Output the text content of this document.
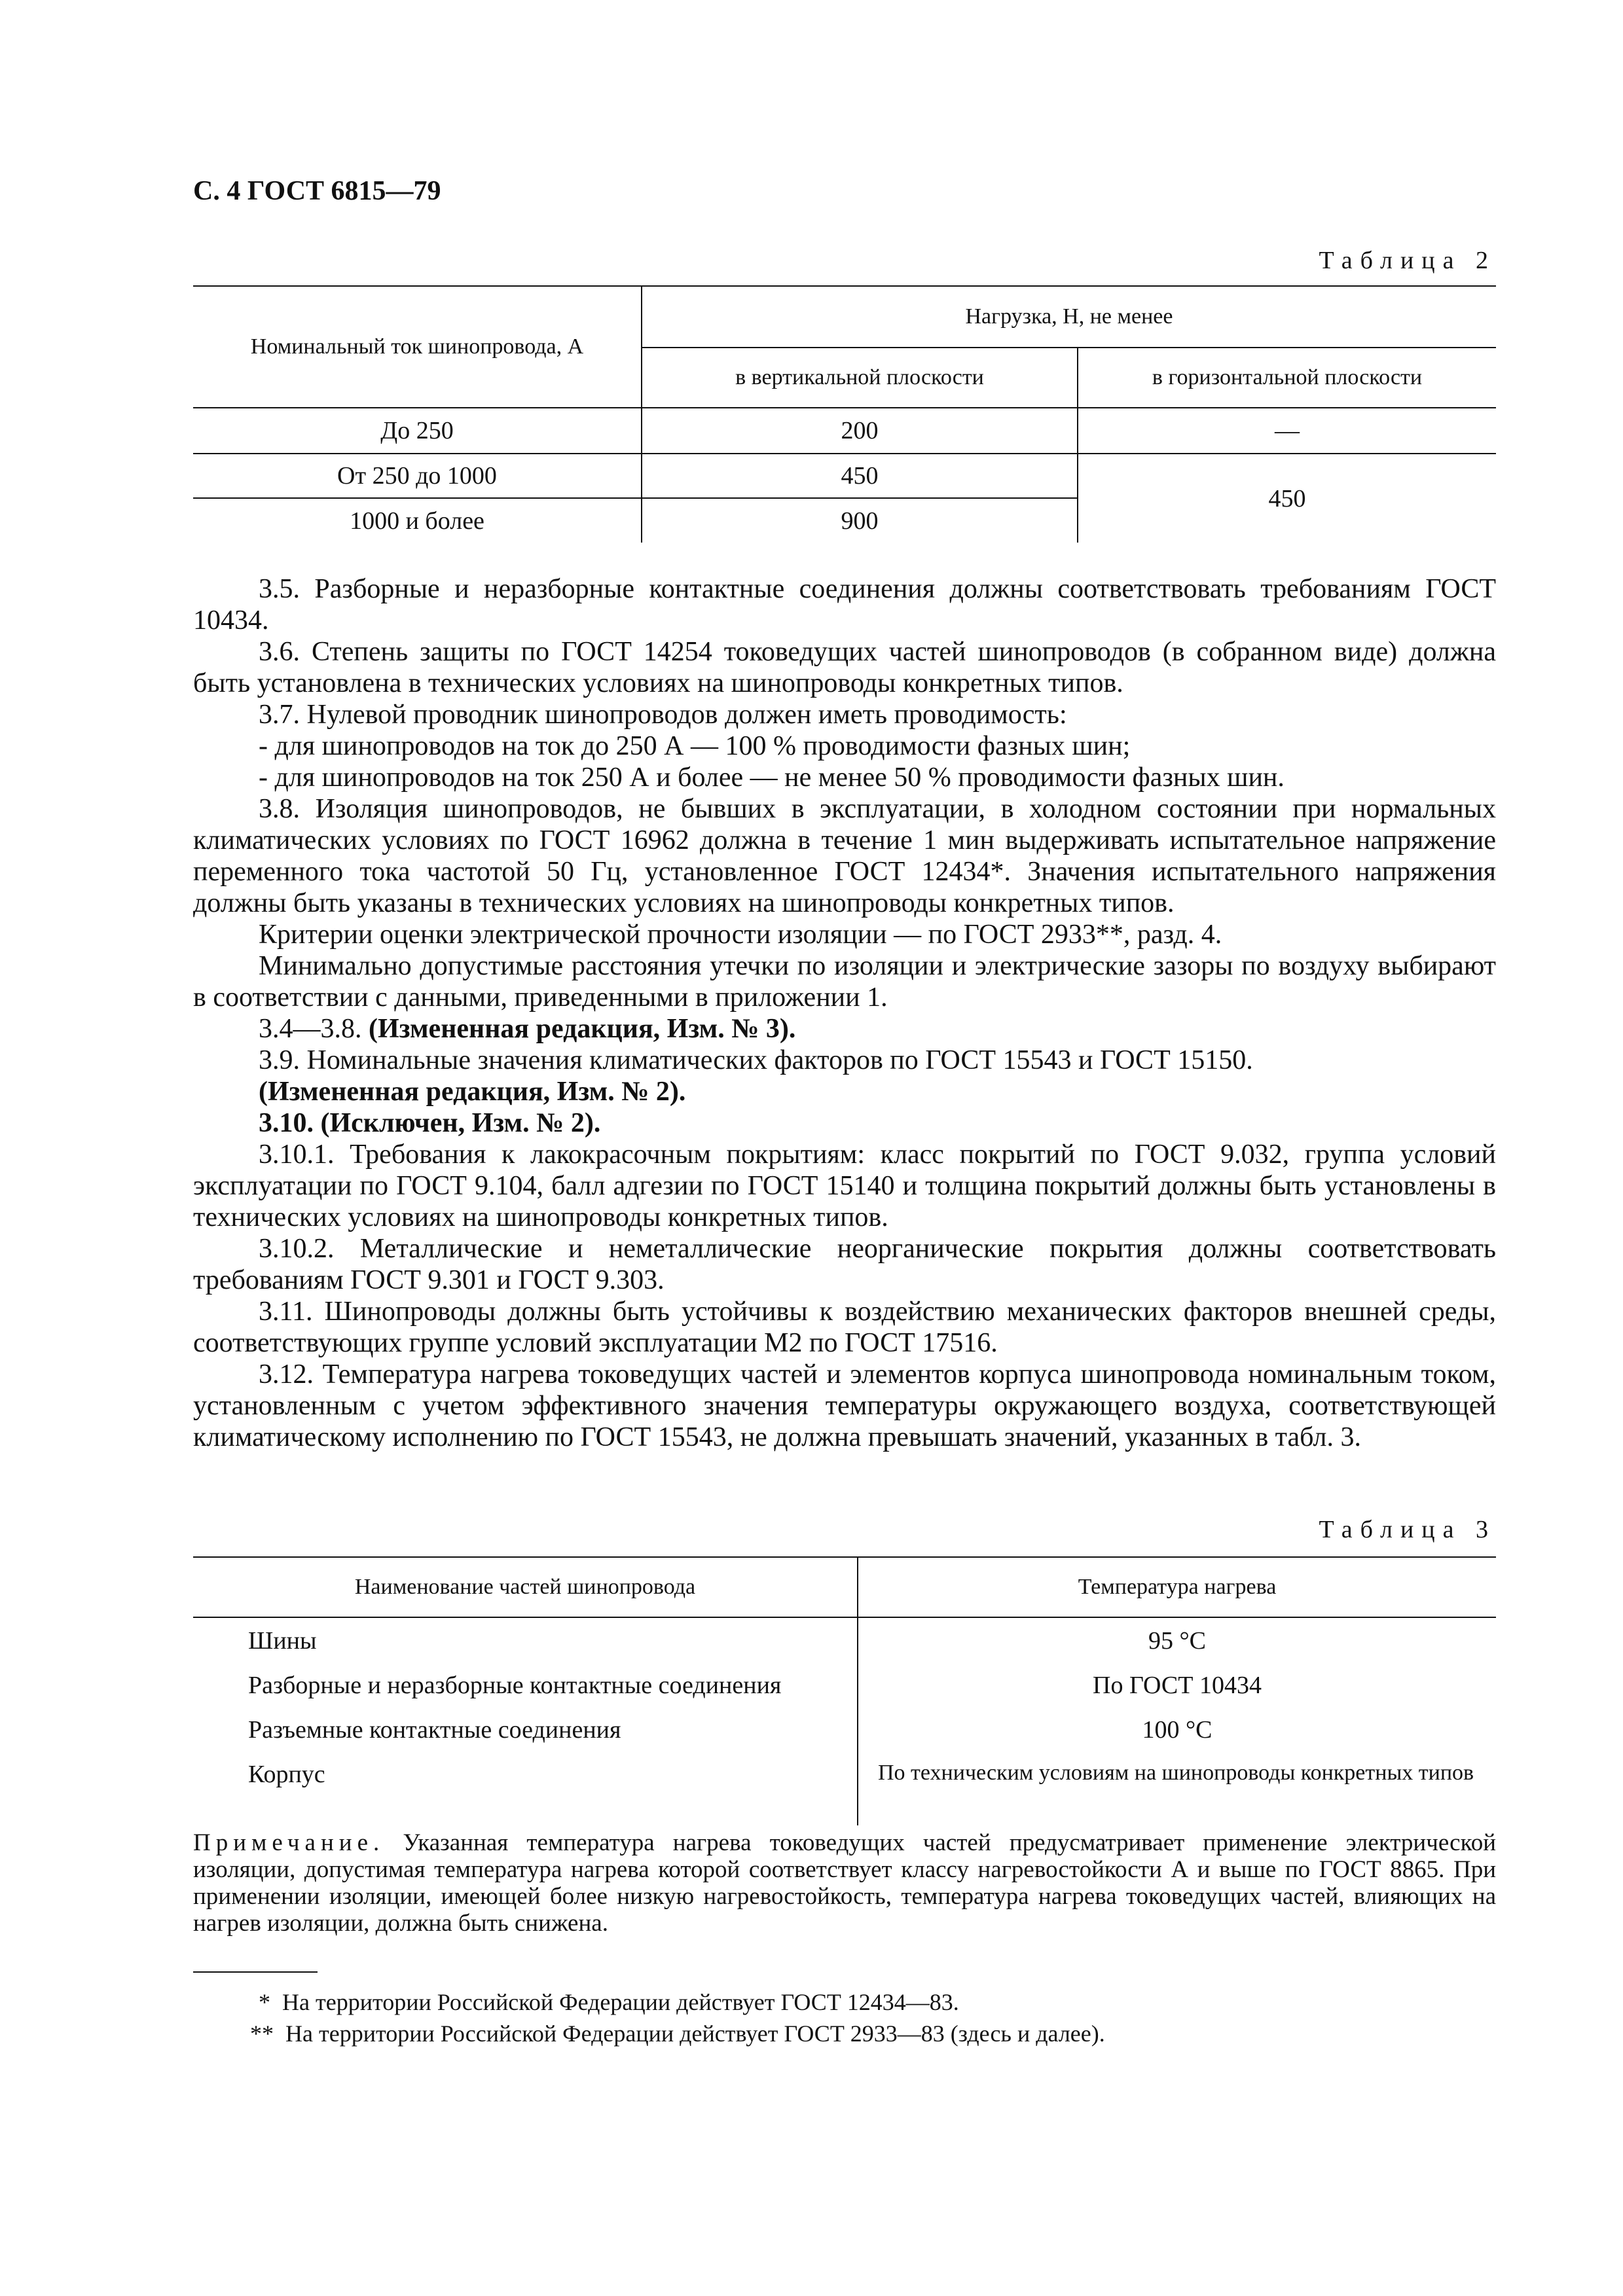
С. 4 ГОСТ 6815—79
Таблица 2
Номинальный ток шинопровода, А	Нагрузка, Н, не менее	
	в вертикальной плоскости	в горизонтальной плоскости
До 250	200	—
От 250 до 1000	450	450
1000 и более	900	

3.5. Разборные и неразборные контактные соединения должны соответствовать требованиям ГОСТ 10434.

3.6. Степень защиты по ГОСТ 14254 токоведущих частей шинопроводов (в собранном виде) должна быть установлена в технических условиях на шинопроводы конкретных типов.

3.7. Нулевой проводник шинопроводов должен иметь проводимость:

- для шинопроводов на ток до 250 А — 100 % проводимости фазных шин;

- для шинопроводов на ток 250 А и более — не менее 50 % проводимости фазных шин.

3.8. Изоляция шинопроводов, не бывших в эксплуатации, в холодном состоянии при нормальных климатических условиях по ГОСТ 16962 должна в течение 1 мин выдерживать испытательное напряжение переменного тока частотой 50 Гц, установленное ГОСТ 12434*. Значения испытательного напряжения должны быть указаны в технических условиях на шинопроводы конкретных типов.

Критерии оценки электрической прочности изоляции — по ГОСТ 2933**, разд. 4.

Минимально допустимые расстояния утечки по изоляции и электрические зазоры по воздуху выбирают в соответствии с данными, приведенными в приложении 1.

3.4—3.8. (Измененная редакция, Изм. № 3).

3.9. Номинальные значения климатических факторов по ГОСТ 15543 и ГОСТ 15150.

(Измененная редакция, Изм. № 2).

3.10. (Исключен, Изм. № 2).

3.10.1. Требования к лакокрасочным покрытиям: класс покрытий по ГОСТ 9.032, группа условий эксплуатации по ГОСТ 9.104, балл адгезии по ГОСТ 15140 и толщина покрытий должны быть установлены в технических условиях на шинопроводы конкретных типов.

3.10.2. Металлические и неметаллические неорганические покрытия должны соответствовать требованиям ГОСТ 9.301 и ГОСТ 9.303.

3.11. Шинопроводы должны быть устойчивы к воздействию механических факторов внешней среды, соответствующих группе условий эксплуатации М2 по ГОСТ 17516.

3.12. Температура нагрева токоведущих частей и элементов корпуса шинопровода номинальным током, установленным с учетом эффективного значения температуры окружающего воздуха, соответствующей климатическому исполнению по ГОСТ 15543, не должна превышать значений, указанных в табл. 3.

Таблица 3
Наименование частей шинопровода	Температура нагрева
Шины	95 °С
Разборные и неразборные контактные соединения	По ГОСТ 10434
Разъемные контактные соединения	100 °С
Корпус	По техническим условиям на шинопроводы конкретных типов
Примечание. Указанная температура нагрева токоведущих частей предусматривает применение электрической изоляции, допустимая температура нагрева которой соответствует классу нагревостойкости А и выше по ГОСТ 8865. При применении изоляции, имеющей более низкую нагревостойкость, температура нагрева токоведущих частей, влияющих на нагрев изоляции, должна быть снижена.
* На территории Российской Федерации действует ГОСТ 12434—83.
** На территории Российской Федерации действует ГОСТ 2933—83 (здесь и далее).
